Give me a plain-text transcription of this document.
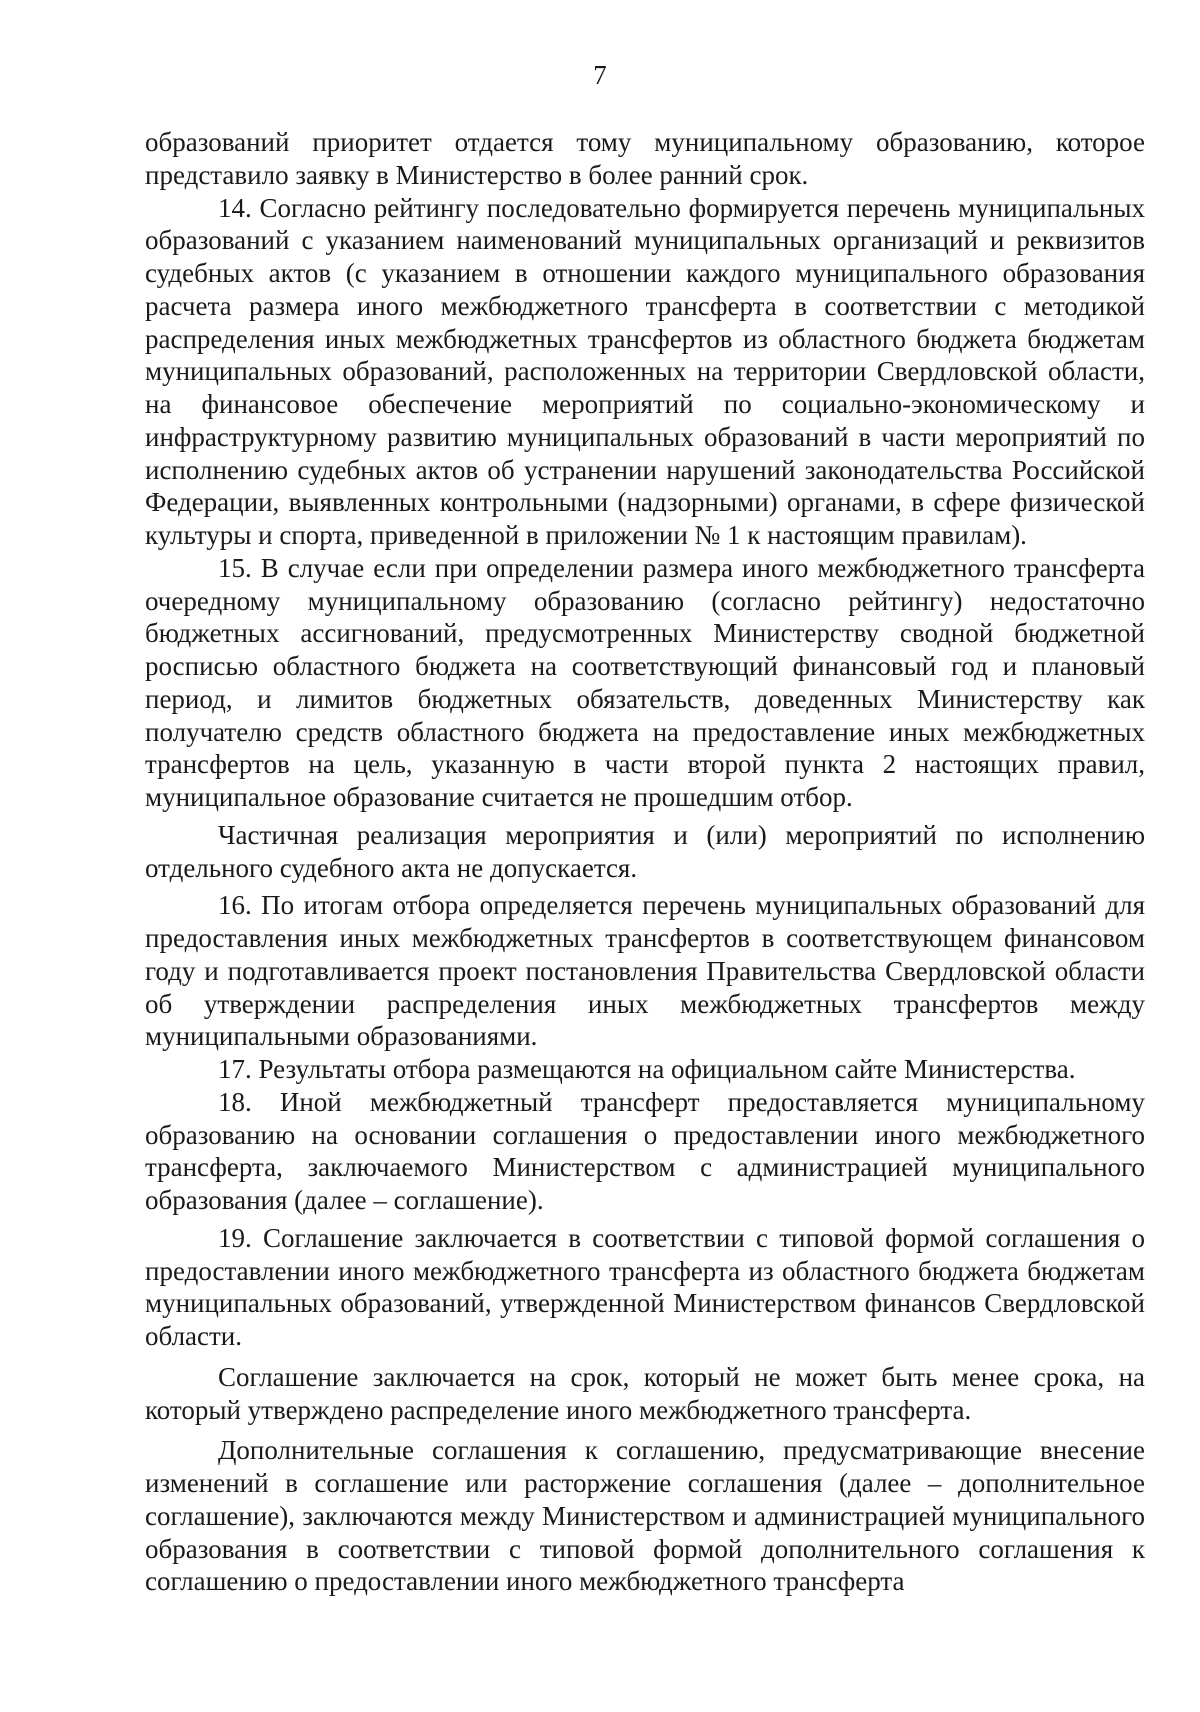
7

образований приоритет отдается тому муниципальному образованию, которое представило заявку в Министерство в более ранний срок.

14. Согласно рейтингу последовательно формируется перечень муниципальных образований с указанием наименований муниципальных организаций и реквизитов судебных актов (с указанием в отношении каждого муниципального образования расчета размера иного межбюджетного трансферта в соответствии с методикой распределения иных межбюджетных трансфертов из областного бюджета бюджетам муниципальных образований, расположенных на территории Свердловской области, на финансовое обеспечение мероприятий по социально-экономическому и инфраструктурному развитию муниципальных образований в части мероприятий по исполнению судебных актов об устранении нарушений законодательства Российской Федерации, выявленных контрольными (надзорными) органами, в сфере физической культуры и спорта, приведенной в приложении № 1 к настоящим правилам).

15. В случае если при определении размера иного межбюджетного трансферта очередному муниципальному образованию (согласно рейтингу) недостаточно бюджетных ассигнований, предусмотренных Министерству сводной бюджетной росписью областного бюджета на соответствующий финансовый год и плановый период, и лимитов бюджетных обязательств, доведенных Министерству как получателю средств областного бюджета на предоставление иных межбюджетных трансфертов на цель, указанную в части второй пункта 2 настоящих правил, муниципальное образование считается не прошедшим отбор.

Частичная реализация мероприятия и (или) мероприятий по исполнению отдельного судебного акта не допускается.

16. По итогам отбора определяется перечень муниципальных образований для предоставления иных межбюджетных трансфертов в соответствующем финансовом году и подготавливается проект постановления Правительства Свердловской области об утверждении распределения иных межбюджетных трансфертов между муниципальными образованиями.

17. Результаты отбора размещаются на официальном сайте Министерства.

18. Иной межбюджетный трансферт предоставляется муниципальному образованию на основании соглашения о предоставлении иного межбюджетного трансферта, заключаемого Министерством с администрацией муниципального образования (далее – соглашение).

19. Соглашение заключается в соответствии с типовой формой соглашения о предоставлении иного межбюджетного трансферта из областного бюджета бюджетам муниципальных образований, утвержденной Министерством финансов Свердловской области.

Соглашение заключается на срок, который не может быть менее срока, на который утверждено распределение иного межбюджетного трансферта.

Дополнительные соглашения к соглашению, предусматривающие внесение изменений в соглашение или расторжение соглашения (далее – дополнительное соглашение), заключаются между Министерством и администрацией муниципального образования в соответствии с типовой формой дополнительного соглашения к соглашению о предоставлении иного межбюджетного трансферта
